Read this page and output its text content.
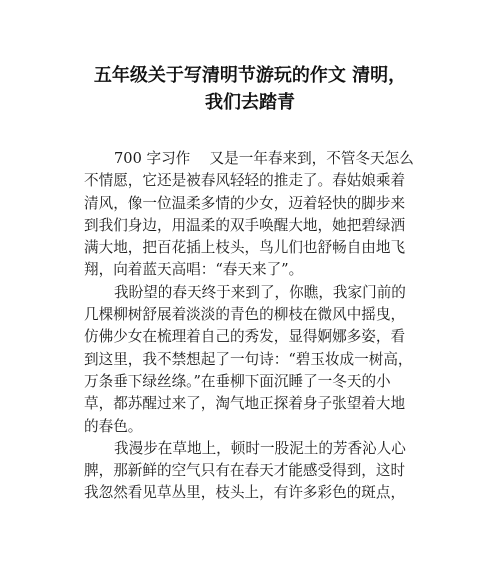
五年级关于写清明节游玩的作文 清明，
我们去踏青
700 字习作　 又是一年春来到，不管冬天怎么
不情愿，它还是被春风轻轻的推走了。春姑娘乘着
清风，像一位温柔多情的少女，迈着轻快的脚步来
到我们身边，用温柔的双手唤醒大地，她把碧绿洒
满大地，把百花插上枝头，鸟儿们也舒畅自由地飞
翔，向着蓝天高唱：“春天来了”。
我盼望的春天终于来到了，你瞧，我家门前的
几棵柳树舒展着淡淡的青色的柳枝在微风中摇曳，
仿佛少女在梳理着自己的秀发，显得婀娜多姿，看
到这里，我不禁想起了一句诗：“碧玉妆成一树高，
万条垂下绿丝绦。”在垂柳下面沉睡了一冬天的小
草，都苏醒过来了，淘气地正探着身子张望着大地
的春色。
我漫步在草地上，顿时一股泥土的芳香沁人心
脾，那新鲜的空气只有在春天才能感受得到，这时
我忽然看见草丛里，枝头上，有许多彩色的斑点，
